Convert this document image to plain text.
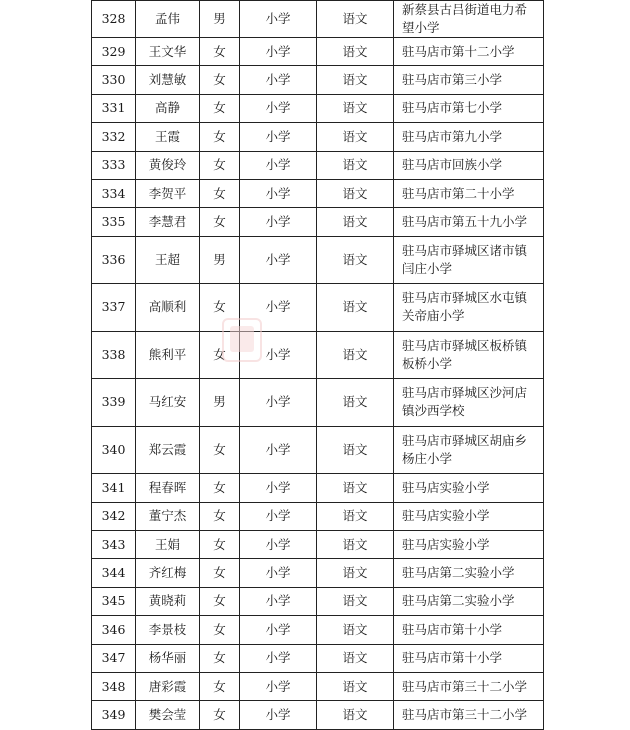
328	孟伟	男	小学	语文	新蔡县古吕街道电力希望小学
329	王文华	女	小学	语文	驻马店市第十二小学
330	刘慧敏	女	小学	语文	驻马店市第三小学
331	高静	女	小学	语文	驻马店市第七小学
332	王霞	女	小学	语文	驻马店市第九小学
333	黄俊玲	女	小学	语文	驻马店市回族小学
334	李贺平	女	小学	语文	驻马店市第二十小学
335	李慧君	女	小学	语文	驻马店市第五十九小学
336	王超	男	小学	语文	驻马店市驿城区诸市镇闫庄小学
337	高顺利	女	小学	语文	驻马店市驿城区水屯镇关帝庙小学
338	熊利平	女	小学	语文	驻马店市驿城区板桥镇板桥小学
339	马红安	男	小学	语文	驻马店市驿城区沙河店镇沙西学校
340	郑云霞	女	小学	语文	驻马店市驿城区胡庙乡杨庄小学
341	程春晖	女	小学	语文	驻马店实验小学
342	董宁杰	女	小学	语文	驻马店实验小学
343	王娟	女	小学	语文	驻马店实验小学
344	齐红梅	女	小学	语文	驻马店第二实验小学
345	黄晓莉	女	小学	语文	驻马店第二实验小学
346	李景枝	女	小学	语文	驻马店市第十小学
347	杨华丽	女	小学	语文	驻马店市第十小学
348	唐彩霞	女	小学	语文	驻马店市第三十二小学
349	樊会莹	女	小学	语文	驻马店市第三十二小学
